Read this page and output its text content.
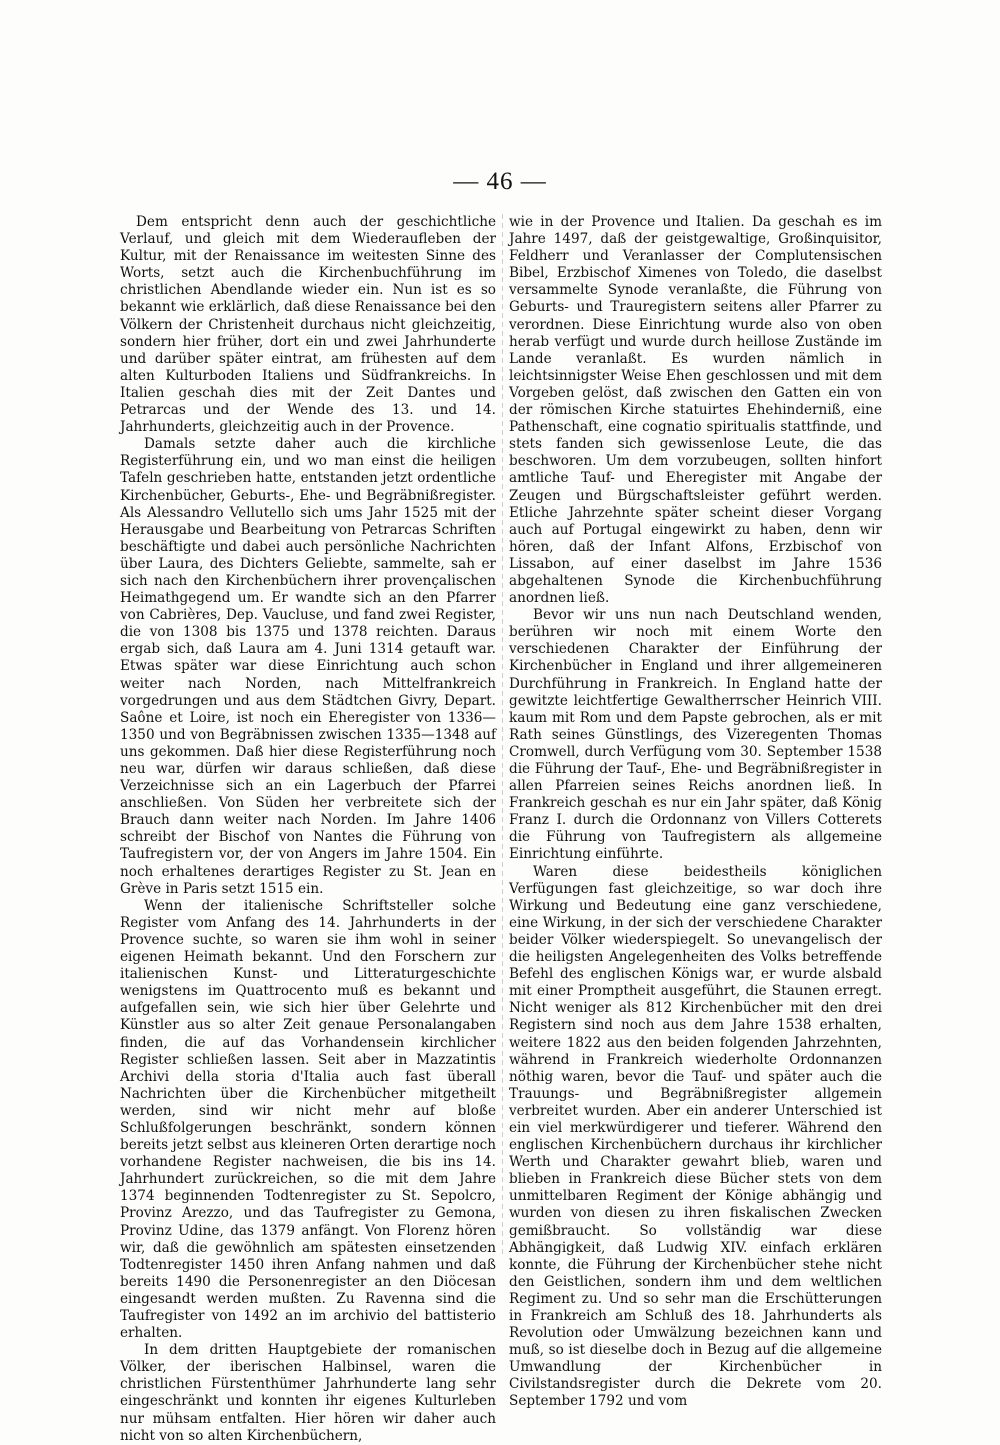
— 46 —

Dem entspricht denn auch der geschichtliche Verlauf, und gleich mit dem Wiederaufleben der Kultur, mit der Renaissance im weitesten Sinne des Worts, setzt auch die Kirchenbuchführung im christlichen Abendlande wieder ein. Nun ist es so bekannt wie erklärlich, daß diese Renaissance bei den Völkern der Christenheit durchaus nicht gleichzeitig, sondern hier früher, dort ein und zwei Jahrhunderte und darüber später eintrat, am frühesten auf dem alten Kulturboden Italiens und Südfrankreichs. In Italien geschah dies mit der Zeit Dantes und Petrarcas und der Wende des 13. und 14. Jahrhunderts, gleichzeitig auch in der Provence.

Damals setzte daher auch die kirchliche Registerführung ein, und wo man einst die heiligen Tafeln geschrieben hatte, entstanden jetzt ordentliche Kirchenbücher, Geburts-, Ehe- und Begräbnißregister. Als Alessandro Vellutello sich ums Jahr 1525 mit der Herausgabe und Bearbeitung von Petrarcas Schriften beschäftigte und dabei auch persönliche Nachrichten über Laura, des Dichters Geliebte, sammelte, sah er sich nach den Kirchenbüchern ihrer provençalischen Heimathgegend um. Er wandte sich an den Pfarrer von Cabrières, Dep. Vaucluse, und fand zwei Register, die von 1308 bis 1375 und 1378 reichten. Daraus ergab sich, daß Laura am 4. Juni 1314 getauft war. Etwas später war diese Einrichtung auch schon weiter nach Norden, nach Mittelfrankreich vorgedrungen und aus dem Städtchen Givry, Depart. Saône et Loire, ist noch ein Eheregister von 1336—1350 und von Begräbnissen zwischen 1335—1348 auf uns gekommen. Daß hier diese Registerführung noch neu war, dürfen wir daraus schließen, daß diese Verzeichnisse sich an ein Lagerbuch der Pfarrei anschließen. Von Süden her verbreitete sich der Brauch dann weiter nach Norden. Im Jahre 1406 schreibt der Bischof von Nantes die Führung von Taufregistern vor, der von Angers im Jahre 1504. Ein noch erhaltenes derartiges Register zu St. Jean en Grève in Paris setzt 1515 ein.

Wenn der italienische Schriftsteller solche Register vom Anfang des 14. Jahrhunderts in der Provence suchte, so waren sie ihm wohl in seiner eigenen Heimath bekannt. Und den Forschern zur italienischen Kunst- und Litteraturgeschichte wenigstens im Quattrocento muß es bekannt und aufgefallen sein, wie sich hier über Gelehrte und Künstler aus so alter Zeit genaue Personalangaben finden, die auf das Vorhandensein kirchlicher Register schließen lassen. Seit aber in Mazzatintis Archivi della storia d'Italia auch fast überall Nachrichten über die Kirchenbücher mitgetheilt werden, sind wir nicht mehr auf bloße Schlußfolgerungen beschränkt, sondern können bereits jetzt selbst aus kleineren Orten derartige noch vorhandene Register nachweisen, die bis ins 14. Jahrhundert zurückreichen, so die mit dem Jahre 1374 beginnenden Todtenregister zu St. Sepolcro, Provinz Arezzo, und das Taufregister zu Gemona, Provinz Udine, das 1379 anfängt. Von Florenz hören wir, daß die gewöhnlich am spätesten einsetzenden Todtenregister 1450 ihren Anfang nahmen und daß bereits 1490 die Personenregister an den Diöcesan eingesandt werden mußten. Zu Ravenna sind die Taufregister von 1492 an im archivio del battisterio erhalten.

In dem dritten Hauptgebiete der romanischen Völker, der iberischen Halbinsel, waren die christlichen Fürstenthümer Jahrhunderte lang sehr eingeschränkt und konnten ihr eigenes Kulturleben nur mühsam entfalten. Hier hören wir daher auch nicht von so alten Kirchenbüchern,

wie in der Provence und Italien. Da geschah es im Jahre 1497, daß der geistgewaltige, Großinquisitor, Feldherr und Veranlasser der Complutensischen Bibel, Erzbischof Ximenes von Toledo, die daselbst versammelte Synode veranlaßte, die Führung von Geburts- und Trauregistern seitens aller Pfarrer zu verordnen. Diese Einrichtung wurde also von oben herab verfügt und wurde durch heillose Zustände im Lande veranlaßt. Es wurden nämlich in leichtsinnigster Weise Ehen geschlossen und mit dem Vorgeben gelöst, daß zwischen den Gatten ein von der römischen Kirche statuirtes Ehehinderniß, eine Pathenschaft, eine cognatio spiritualis stattfinde, und stets fanden sich gewissenlose Leute, die das beschworen. Um dem vorzubeugen, sollten hinfort amtliche Tauf- und Eheregister mit Angabe der Zeugen und Bürgschaftsleister geführt werden. Etliche Jahrzehnte später scheint dieser Vorgang auch auf Portugal eingewirkt zu haben, denn wir hören, daß der Infant Alfons, Erzbischof von Lissabon, auf einer daselbst im Jahre 1536 abgehaltenen Synode die Kirchenbuchführung anordnen ließ.

Bevor wir uns nun nach Deutschland wenden, berühren wir noch mit einem Worte den verschiedenen Charakter der Einführung der Kirchenbücher in England und ihrer allgemeineren Durchführung in Frankreich. In England hatte der gewitzte leichtfertige Gewaltherrscher Heinrich VIII. kaum mit Rom und dem Papste gebrochen, als er mit Rath seines Günstlings, des Vizeregenten Thomas Cromwell, durch Verfügung vom 30. September 1538 die Führung der Tauf-, Ehe- und Begräbnißregister in allen Pfarreien seines Reichs anordnen ließ. In Frankreich geschah es nur ein Jahr später, daß König Franz I. durch die Ordonnanz von Villers Cotterets die Führung von Taufregistern als allgemeine Einrichtung einführte.

Waren diese beidestheils königlichen Verfügungen fast gleichzeitige, so war doch ihre Wirkung und Bedeutung eine ganz verschiedene, eine Wirkung, in der sich der verschiedene Charakter beider Völker wiederspiegelt. So unevangelisch der die heiligsten Angelegenheiten des Volks betreffende Befehl des englischen Königs war, er wurde alsbald mit einer Promptheit ausgeführt, die Staunen erregt. Nicht weniger als 812 Kirchenbücher mit den drei Registern sind noch aus dem Jahre 1538 erhalten, weitere 1822 aus den beiden folgenden Jahrzehnten, während in Frankreich wiederholte Ordonnanzen nöthig waren, bevor die Tauf- und später auch die Trauungs- und Begräbnißregister allgemein verbreitet wurden. Aber ein anderer Unterschied ist ein viel merkwürdigerer und tieferer. Während den englischen Kirchenbüchern durchaus ihr kirchlicher Werth und Charakter gewahrt blieb, waren und blieben in Frankreich diese Bücher stets von dem unmittelbaren Regiment der Könige abhängig und wurden von diesen zu ihren fiskalischen Zwecken gemißbraucht. So vollständig war diese Abhängigkeit, daß Ludwig XIV. einfach erklären konnte, die Führung der Kirchenbücher stehe nicht den Geistlichen, sondern ihm und dem weltlichen Regiment zu. Und so sehr man die Erschütterungen in Frankreich am Schluß des 18. Jahrhunderts als Revolution oder Umwälzung bezeichnen kann und muß, so ist dieselbe doch in Bezug auf die allgemeine Umwandlung der Kirchenbücher in Civilstandsregister durch die Dekrete vom 20. September 1792 und vom
